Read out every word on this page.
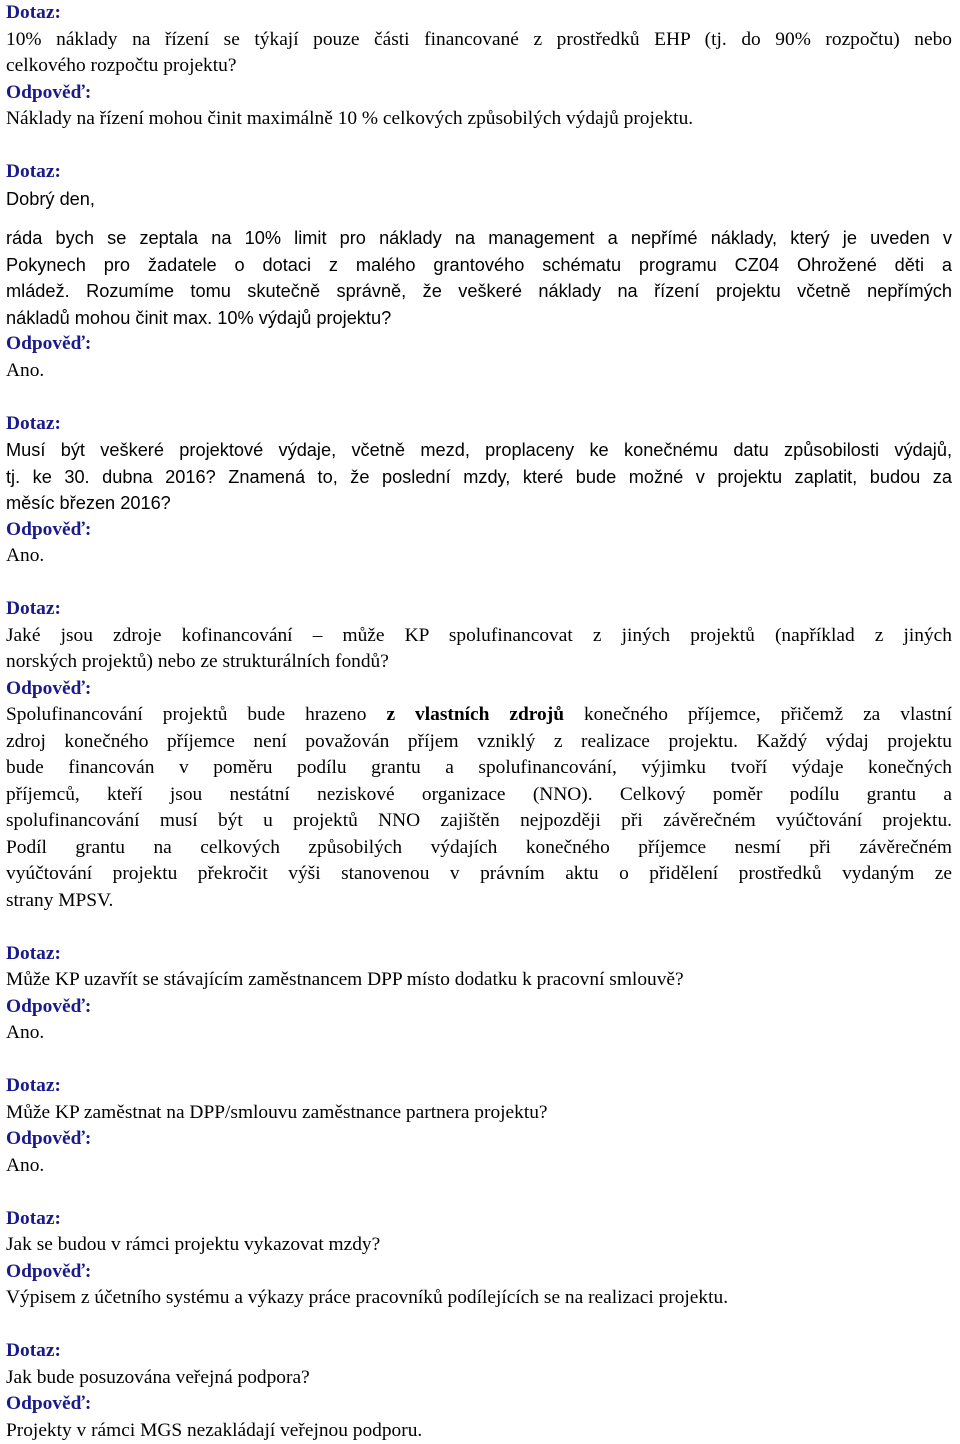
Dotaz:
10% náklady na řízení se týkají pouze části financované z prostředků EHP (tj. do 90% rozpočtu) nebo
celkového rozpočtu projektu?
Odpověď:
Náklady na řízení mohou činit maximálně 10 % celkových způsobilých výdajů projektu.
Dotaz:
Dobrý den,
ráda bych se zeptala na 10% limit pro náklady na management a nepřímé náklady, který je uveden v
Pokynech pro žadatele o dotaci z malého grantového schématu programu CZ04 Ohrožené děti a
mládež. Rozumíme tomu skutečně správně, že veškeré náklady na řízení projektu včetně nepřímých
nákladů mohou činit max. 10% výdajů projektu?
Odpověď:
Ano.
Dotaz:
Musí být veškeré projektové výdaje, včetně mezd, proplaceny ke konečnému datu způsobilosti výdajů,
tj. ke 30. dubna 2016? Znamená to, že poslední mzdy, které bude možné v projektu zaplatit, budou za
měsíc březen 2016?
Odpověď:
Ano.
Dotaz:
Jaké jsou zdroje kofinancování – může KP spolufinancovat z jiných projektů (například z jiných
norských projektů) nebo ze strukturálních fondů?
Odpověď:
Spolufinancování projektů bude hrazeno z vlastních zdrojů konečného příjemce, přičemž za vlastní
zdroj konečného příjemce není považován příjem vzniklý z realizace projektu. Každý výdaj projektu
bude financován v poměru podílu grantu a spolufinancování, výjimku tvoří výdaje konečných
příjemců, kteří jsou nestátní neziskové organizace (NNO). Celkový poměr podílu grantu a
spolufinancování musí být u projektů NNO zajištěn nejpozději při závěrečném vyúčtování projektu.
Podíl grantu na celkových způsobilých výdajích konečného příjemce nesmí při závěrečném
vyúčtování projektu překročit výši stanovenou v právním aktu o přidělení prostředků vydaným ze
strany MPSV.
Dotaz:
Může KP uzavřít se stávajícím zaměstnancem DPP místo dodatku k pracovní smlouvě?
Odpověď:
Ano.
Dotaz:
Může KP zaměstnat na DPP/smlouvu zaměstnance partnera projektu?
Odpověď:
Ano.
Dotaz:
Jak se budou v rámci projektu vykazovat mzdy?
Odpověď:
Výpisem z účetního systému a výkazy práce pracovníků podílejících se na realizaci projektu.
Dotaz:
Jak bude posuzována veřejná podpora?
Odpověď:
Projekty v rámci MGS nezakládají veřejnou podporu.
